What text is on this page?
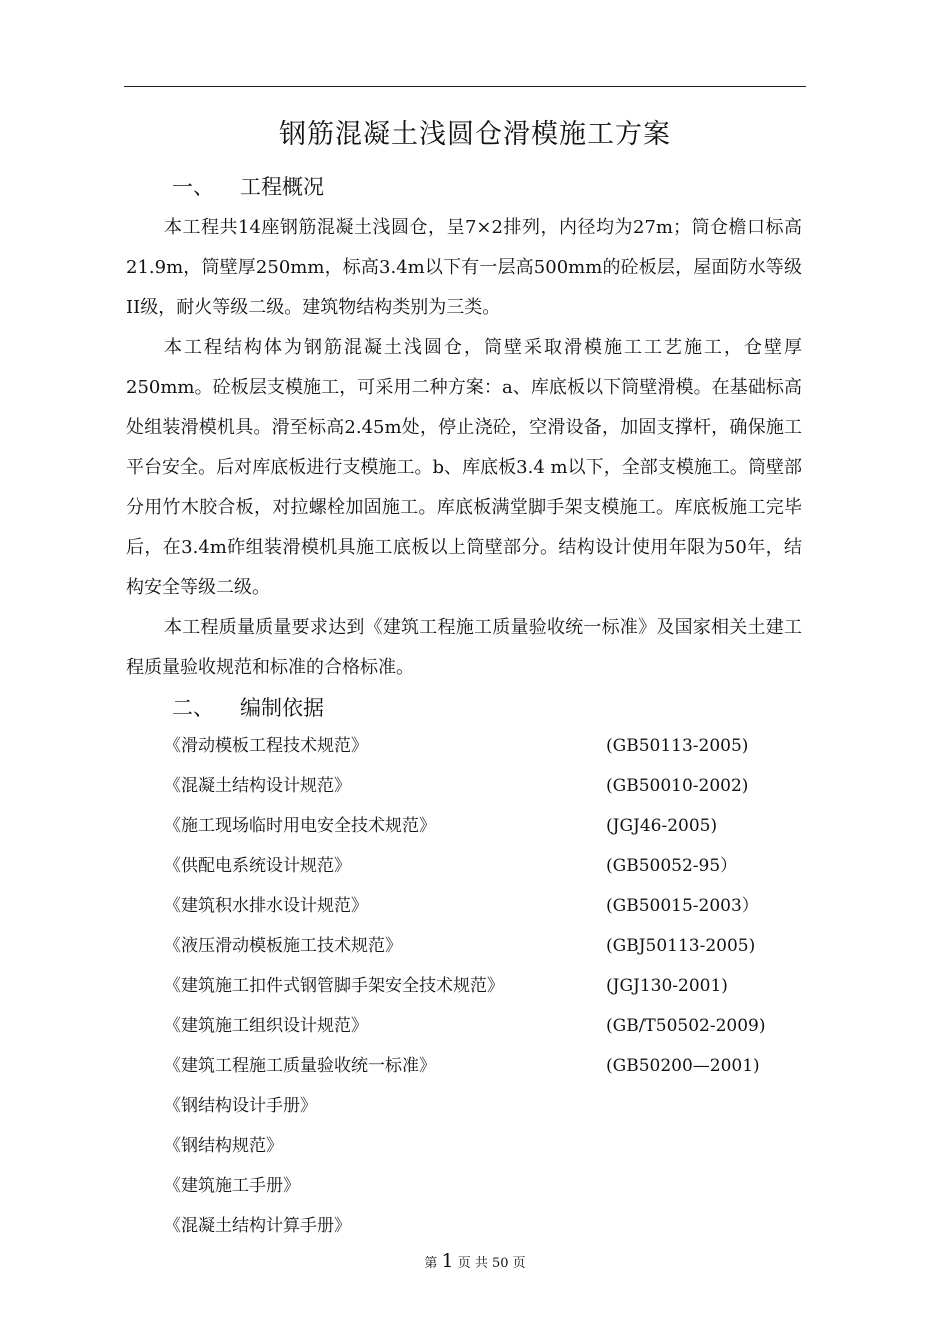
钢筋混凝土浅圆仓滑模施工方案
一、 工程概况

本工程共14座钢筋混凝土浅圆仓，呈7×2排列，内径均为27m；筒仓檐口标高21.9m，筒壁厚250mm，标高3.4m以下有一层高500mm的砼板层，屋面防水等级II级，耐火等级二级。建筑物结构类别为三类。

本工程结构体为钢筋混凝土浅圆仓，筒壁采取滑模施工工艺施工，仓壁厚250mm。砼板层支模施工，可采用二种方案：a、库底板以下筒壁滑模。在基础标高处组装滑模机具。滑至标高2.45m处，停止浇砼，空滑设备，加固支撑杆，确保施工平台安全。后对库底板进行支模施工。b、库底板3.4 m以下，全部支模施工。筒壁部分用竹木胶合板，对拉螺栓加固施工。库底板满堂脚手架支模施工。库底板施工完毕后，在3.4m砟组装滑模机具施工底板以上筒壁部分。结构设计使用年限为50年，结构安全等级二级。

本工程质量质量要求达到《建筑工程施工质量验收统一标准》及国家相关土建工程质量验收规范和标准的合格标准。

二、 编制依据
《滑动模板工程技术规范》	(GB50113-2005)
《混凝土结构设计规范》	(GB50010-2002)
《施工现场临时用电安全技术规范》	(JGJ46-2005)
《供配电系统设计规范》	(GB50052-95）
《建筑积水排水设计规范》	(GB50015-2003）
《液压滑动模板施工技术规范》	(GBJ50113-2005)
《建筑施工扣件式钢管脚手架安全技术规范》	(JGJ130-2001)
《建筑施工组织设计规范》	(GB/T50502-2009)
《建筑工程施工质量验收统一标准》	(GB50200—2001)
《钢结构设计手册》
《钢结构规范》
《建筑施工手册》
《混凝土结构计算手册》
第 1 页 共 50 页
